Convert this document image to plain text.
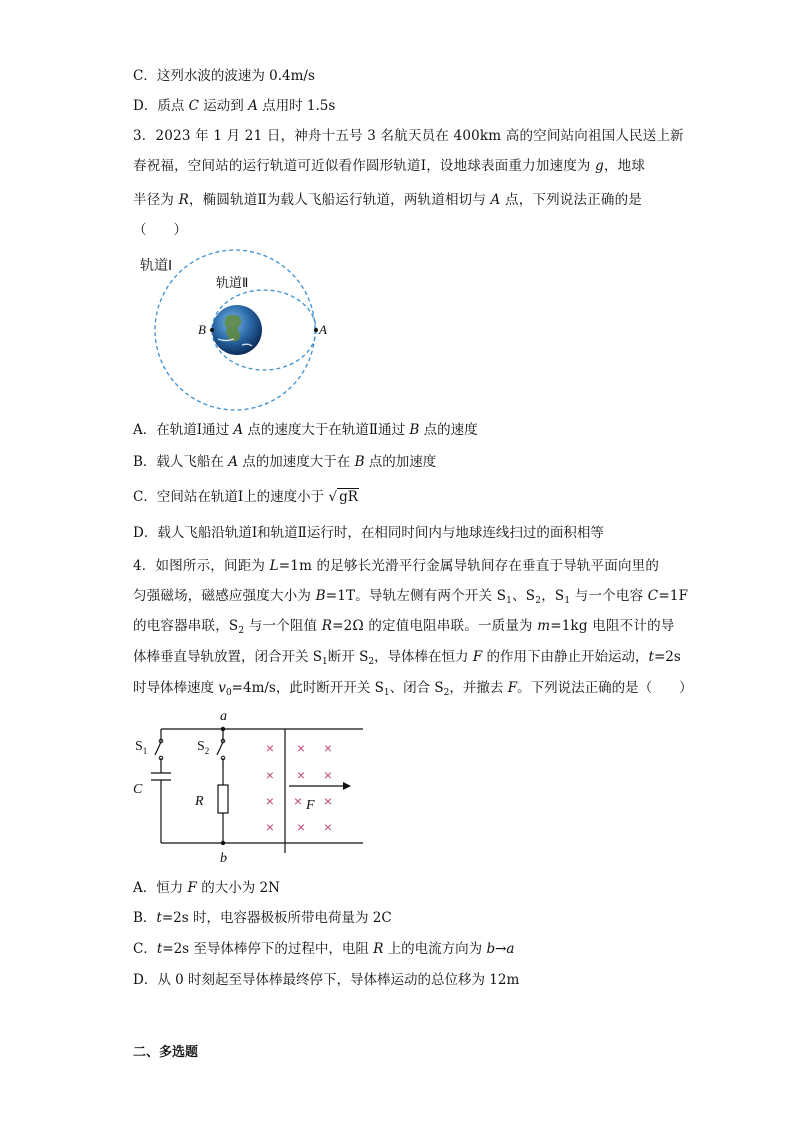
C．这列水波的波速为 0.4m/s
D．质点 C 运动到 A 点用时 1.5s
3．2023 年 1 月 21 日，神舟十五号 3 名航天员在 400km 高的空间站向祖国人民送上新
春祝福，空间站的运行轨道可近似看作圆形轨道Ⅰ，设地球表面重力加速度为 g，地球
半径为 R，椭圆轨道Ⅱ为载人飞船运行轨道，两轨道相切与 A 点，下列说法正确的是
（　　）
轨道Ⅰ
轨道Ⅱ
A
B
A．在轨道Ⅰ通过 A 点的速度大于在轨道Ⅱ通过 B 点的速度
B．载人飞船在 A 点的加速度大于在 B 点的加速度
C．空间站在轨道Ⅰ上的速度小于 √ gR
D．载人飞船沿轨道Ⅰ和轨道Ⅱ运行时，在相同时间内与地球连线扫过的面积相等
4．如图所示，间距为 L=1m 的足够长光滑平行金属导轨间存在垂直于导轨平面向里的
匀强磁场，磁感应强度大小为 B=1T。导轨左侧有两个开关 $S_1$、$S_2$，$S_1$ 与一个电容 C=1F
的电容器串联，$S_2$ 与一个阻值 R=2Ω 的定值电阻串联。一质量为 m=1kg 电阻不计的导
体棒垂直导轨放置，闭合开关 $S_1$断开 $S_2$，导体棒在恒力 F 的作用下由静止开始运动，t=2s
时导体棒速度 $v_0=4m/s$，此时断开开关 $S_1$、闭合 $S_2$，并撤去 F。下列说法正确的是（　　）
× × ×
× × ×
× × ×
× × ×
a
b
$S_1$	$S_2$
C
R	F
A．恒力 F 的大小为 2N
B．t=2s 时，电容器极板所带电荷量为 2C
C．t=2s 至导体棒停下的过程中，电阻 R 上的电流方向为 b→a
D．从 0 时刻起至导体棒最终停下，导体棒运动的总位移为 12m
二、多选题
